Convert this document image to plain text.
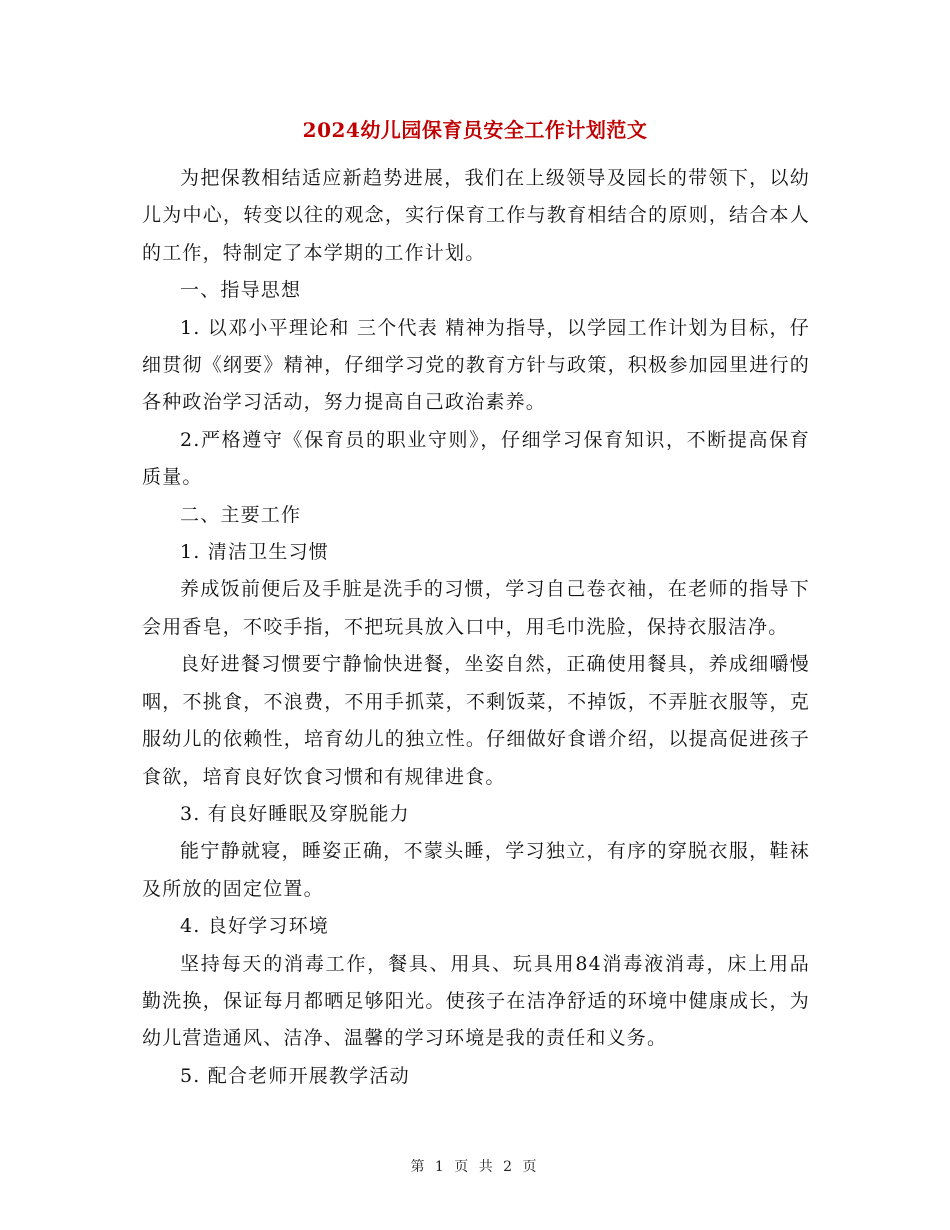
2024幼儿园保育员安全工作计划范文

为把保教相结适应新趋势进展，我们在上级领导及园长的带领下，以幼儿为中心，转变以往的观念，实行保育工作与教育相结合的原则，结合本人的工作，特制定了本学期的工作计划。

一、指导思想

1. 以邓小平理论和 三个代表 精神为指导，以学园工作计划为目标，仔细贯彻《纲要》精神，仔细学习党的教育方针与政策，积极参加园里进行的各种政治学习活动，努力提高自己政治素养。

2.严格遵守《保育员的职业守则》，仔细学习保育知识，不断提高保育质量。

二、主要工作

1. 清洁卫生习惯

养成饭前便后及手脏是洗手的习惯，学习自己卷衣袖，在老师的指导下会用香皂，不咬手指，不把玩具放入口中，用毛巾洗脸，保持衣服洁净。

良好进餐习惯要宁静愉快进餐，坐姿自然，正确使用餐具，养成细嚼慢咽，不挑食，不浪费，不用手抓菜，不剩饭菜，不掉饭，不弄脏衣服等，克服幼儿的依赖性，培育幼儿的独立性。仔细做好食谱介绍，以提高促进孩子食欲，培育良好饮食习惯和有规律进食。

3. 有良好睡眠及穿脱能力

能宁静就寝，睡姿正确，不蒙头睡，学习独立，有序的穿脱衣服，鞋袜及所放的固定位置。

4. 良好学习环境

坚持每天的消毒工作，餐具、用具、玩具用84消毒液消毒，床上用品勤洗换，保证每月都晒足够阳光。使孩子在洁净舒适的环境中健康成长，为幼儿营造通风、洁净、温馨的学习环境是我的责任和义务。

5. 配合老师开展教学活动

第 1 页 共 2 页
